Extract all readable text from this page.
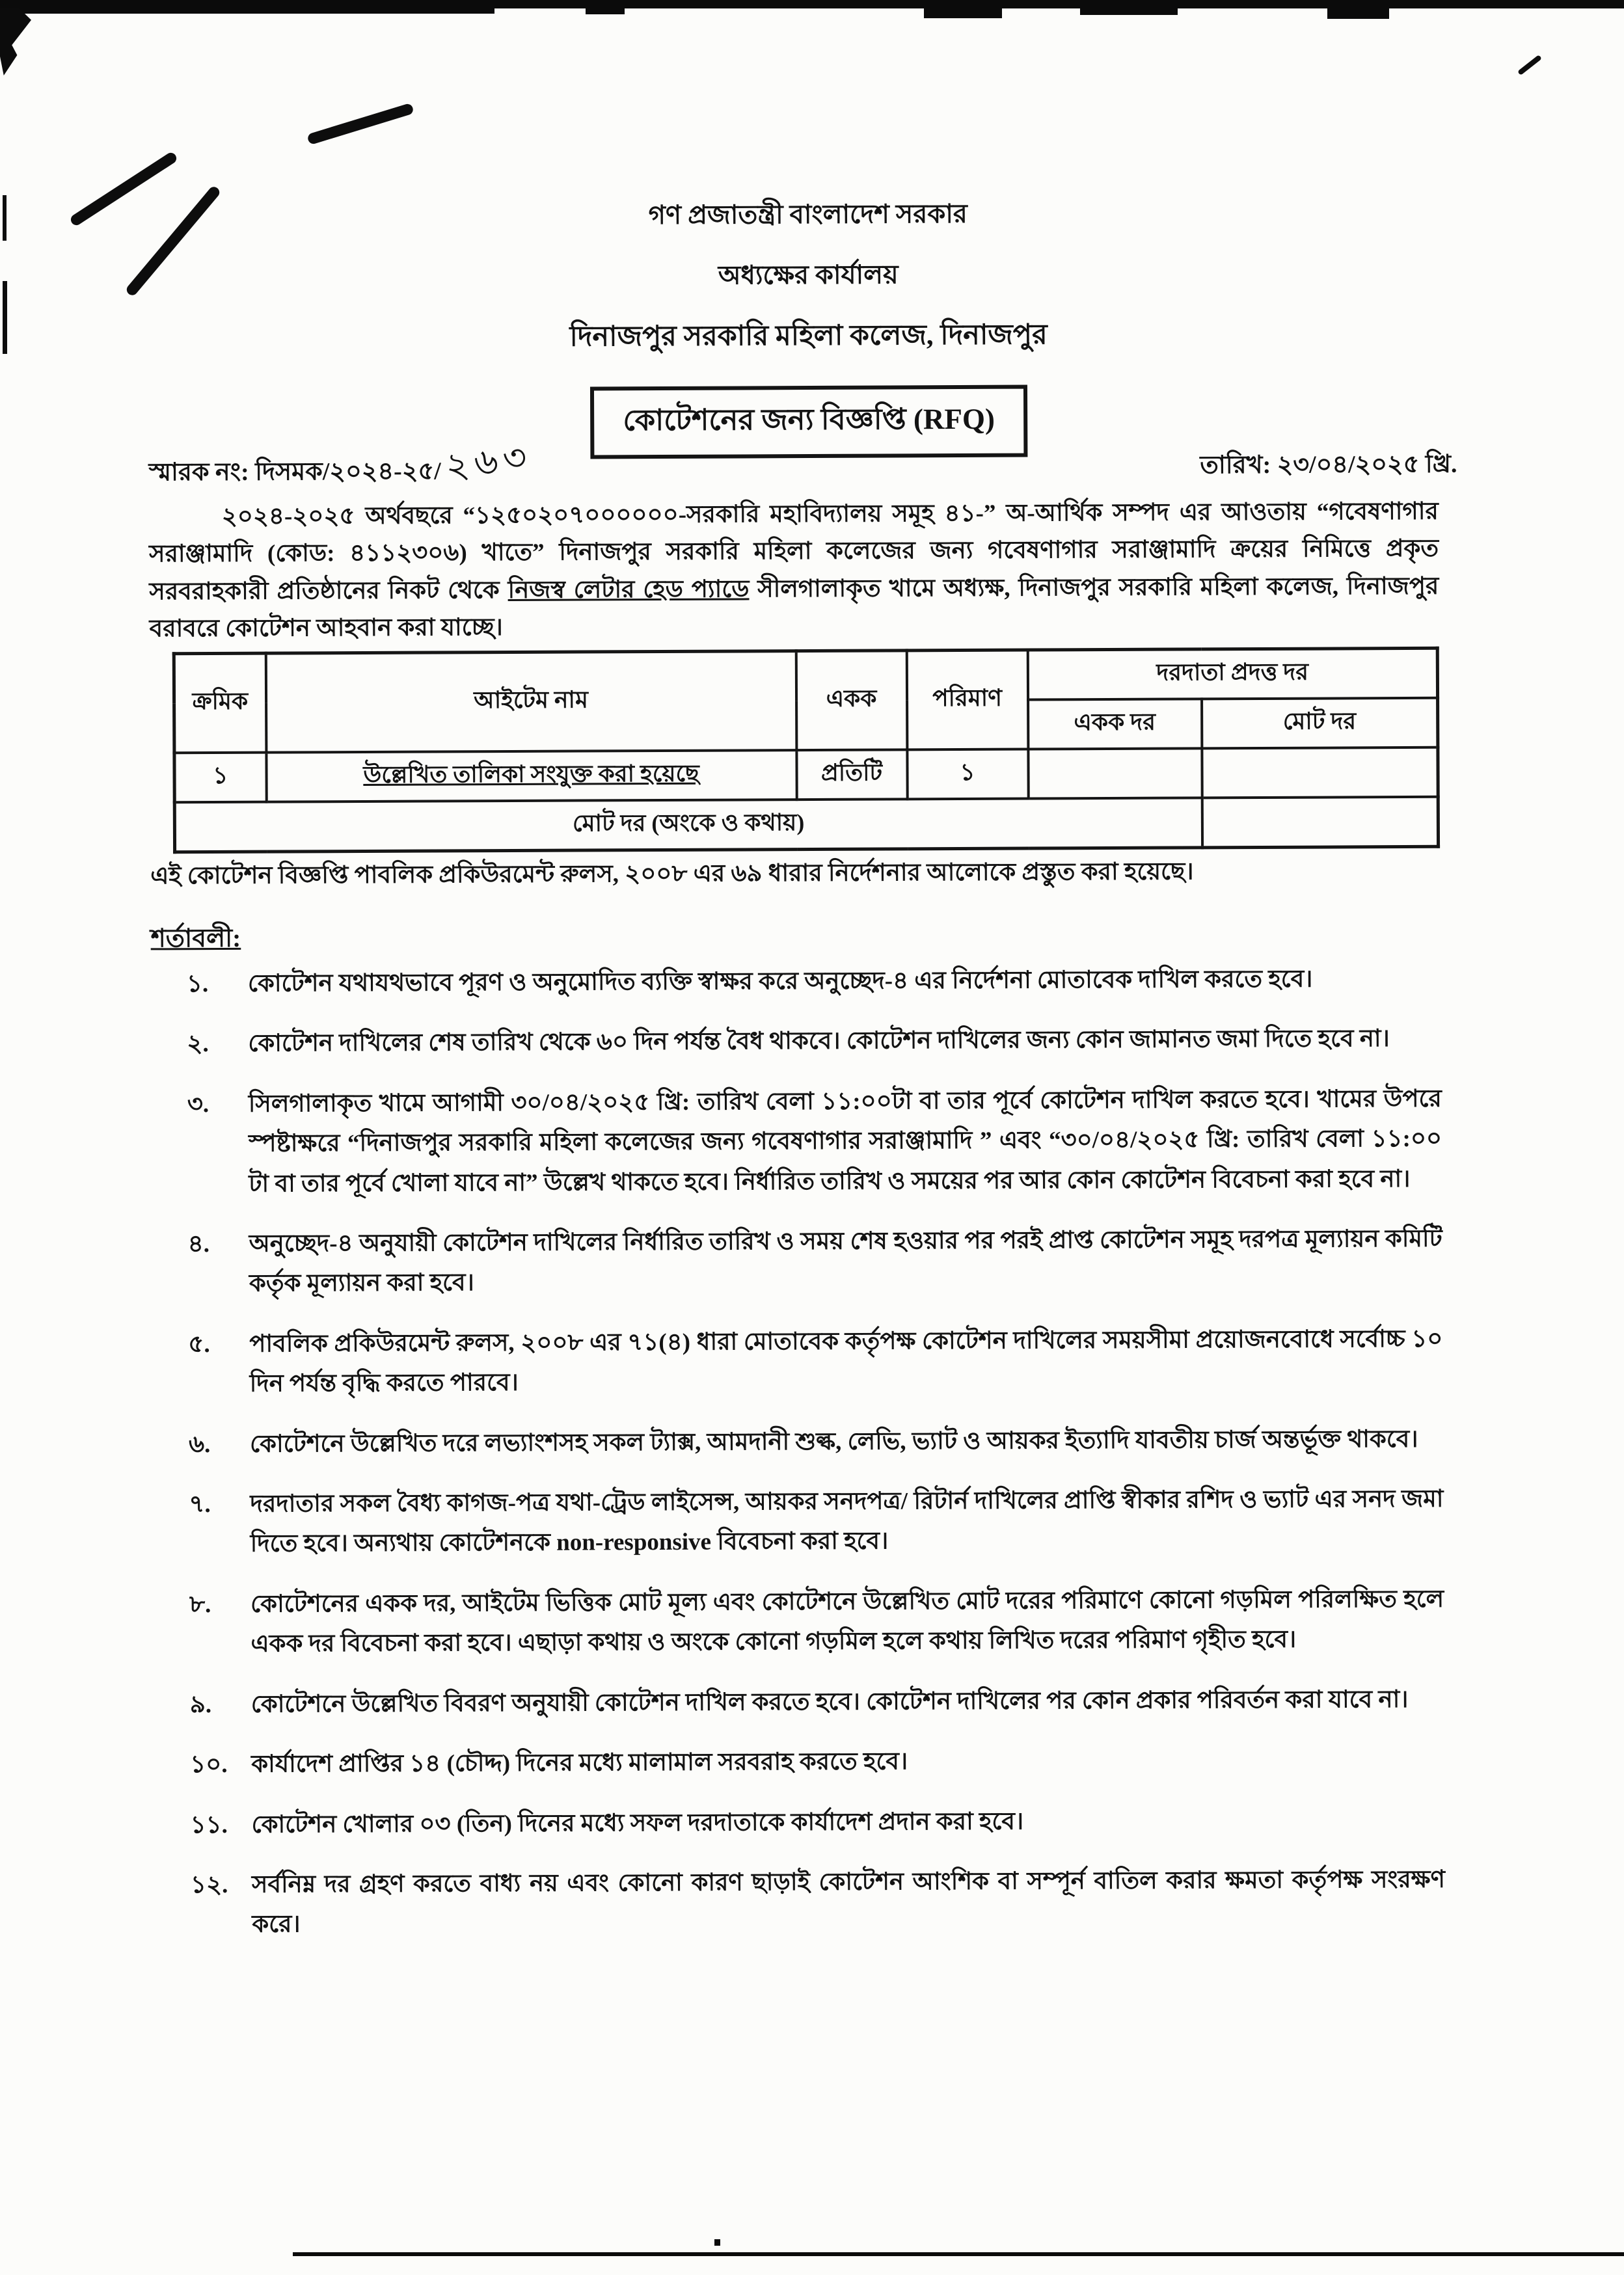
গণ প্রজাতন্ত্রী বাংলাদেশ সরকার
অধ্যক্ষের কার্যালয়
দিনাজপুর সরকারি মহিলা কলেজ, দিনাজপুর
কোটেশনের জন্য বিজ্ঞপ্তি (RFQ)
স্মারক নং: দিসমক/২০২৪-২৫/২৬৩	তারিখ: ২৩/০৪/২০২৫ খ্রি.
২০২৪-২০২৫ অর্থবছরে “১২৫০২০৭০০০০০০-সরকারি মহাবিদ্যালয় সমূহ ৪১-” অ-আর্থিক সম্পদ এর আওতায় “গবেষণাগার সরাঞ্জামাদি (কোড: ৪১১২৩০৬) খাতে” দিনাজপুর সরকারি মহিলা কলেজের জন্য গবেষণাগার সরাঞ্জামাদি ক্রয়ের নিমিত্তে প্রকৃত সরবরাহকারী প্রতিষ্ঠানের নিকট থেকে নিজস্ব লেটার হেড প্যাডে সীলগালাকৃত খামে অধ্যক্ষ, দিনাজপুর সরকারি মহিলা কলেজ, দিনাজপুর বরাবরে কোটেশন আহবান করা যাচ্ছে।
ক্রমিক	আইটেম নাম	একক	পরিমাণ	দরদাতা প্রদত্ত দর	
				একক দর	মোট দর
১	উল্লেখিত তালিকা সংযুক্ত করা হয়েছে	প্রতিটি	১		
মোট দর (অংকে ও কথায়)					
এই কোটেশন বিজ্ঞপ্তি পাবলিক প্রকিউরমেন্ট রুলস, ২০০৮ এর ৬৯ ধারার নির্দেশনার আলোকে প্রস্তুত করা হয়েছে।
শর্তাবলী:
১.	কোটেশন যথাযথভাবে পূরণ ও অনুমোদিত ব্যক্তি স্বাক্ষর করে অনুচ্ছেদ-৪ এর নির্দেশনা মোতাবেক দাখিল করতে হবে।
২.	কোটেশন দাখিলের শেষ তারিখ থেকে ৬০ দিন পর্যন্ত বৈধ থাকবে। কোটেশন দাখিলের জন্য কোন জামানত জমা দিতে হবে না।
৩.	সিলগালাকৃত খামে আগামী ৩০/০৪/২০২৫ খ্রি: তারিখ বেলা ১১:০০টা বা তার পূর্বে কোটেশন দাখিল করতে হবে। খামের উপরে স্পষ্টাক্ষরে “দিনাজপুর সরকারি মহিলা কলেজের জন্য গবেষণাগার সরাঞ্জামাদি ” এবং “৩০/০৪/২০২৫ খ্রি: তারিখ বেলা ১১:০০ টা বা তার পূর্বে খোলা যাবে না” উল্লেখ থাকতে হবে। নির্ধারিত তারিখ ও সময়ের পর আর কোন কোটেশন বিবেচনা করা হবে না।
৪.	অনুচ্ছেদ-৪ অনুযায়ী কোটেশন দাখিলের নির্ধারিত তারিখ ও সময় শেষ হওয়ার পর পরই প্রাপ্ত কোটেশন সমূহ দরপত্র মূল্যায়ন কমিটি কর্তৃক মূল্যায়ন করা হবে।
৫.	পাবলিক প্রকিউরমেন্ট রুলস, ২০০৮ এর ৭১(৪) ধারা মোতাবেক কর্তৃপক্ষ কোটেশন দাখিলের সময়সীমা প্রয়োজনবোধে সর্বোচ্চ ১০ দিন পর্যন্ত বৃদ্ধি করতে পারবে।
৬.	কোটেশনে উল্লেখিত দরে লভ্যাংশসহ সকল ট্যাক্স, আমদানী শুল্ক, লেভি, ভ্যাট ও আয়কর ইত্যাদি যাবতীয় চার্জ অন্তর্ভূক্ত থাকবে।
৭.	দরদাতার সকল বৈধ্য কাগজ-পত্র যথা-ট্রেড লাইসেন্স, আয়কর সনদপত্র/ রিটার্ন দাখিলের প্রাপ্তি স্বীকার রশিদ ও ভ্যাট এর সনদ জমা দিতে হবে। অন্যথায় কোটেশনকে non-responsive বিবেচনা করা হবে।
৮.	কোটেশনের একক দর, আইটেম ভিত্তিক মোট মূল্য এবং কোটেশনে উল্লেখিত মোট দরের পরিমাণে কোনো গড়মিল পরিলক্ষিত হলে একক দর বিবেচনা করা হবে। এছাড়া কথায় ও অংকে কোনো গড়মিল হলে কথায় লিখিত দরের পরিমাণ গৃহীত হবে।
৯.	কোটেশনে উল্লেখিত বিবরণ অনুযায়ী কোটেশন দাখিল করতে হবে। কোটেশন দাখিলের পর কোন প্রকার পরিবর্তন করা যাবে না।
১০. কার্যাদেশ প্রাপ্তির ১৪ (চৌদ্দ) দিনের মধ্যে মালামাল সরবরাহ করতে হবে।
১১. কোটেশন খোলার ০৩ (তিন) দিনের মধ্যে সফল দরদাতাকে কার্যাদেশ প্রদান করা হবে।
১২. সর্বনিম্ন দর গ্রহণ করতে বাধ্য নয় এবং কোনো কারণ ছাড়াই কোটেশন আংশিক বা সম্পূর্ন বাতিল করার ক্ষমতা কর্তৃপক্ষ সংরক্ষণ করে।
